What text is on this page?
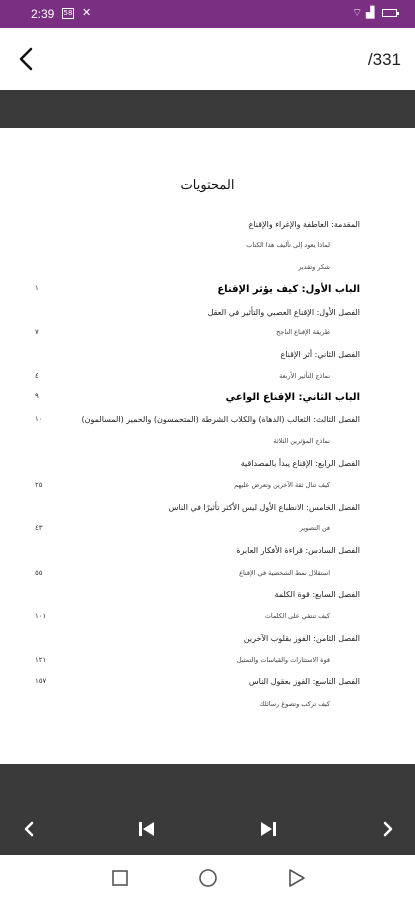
2:39 58 ✕	⌔ ▟
/331
المحتويات
المقدمة: العاطفة والإغراء والإقناع
لماذا يعود إلى تأليف هذا الكتاب
شكر وتقدير
الباب الأول: كيف يؤثر الإقناع
١
الفصل الأول: الإقناع العصبي والتأثير في العقل
طريقة الإقناع الناجح
٧
الفصل الثاني: أثر الإقناع
نماذج التأثير الأربعة
٤
الباب الثاني: الإقناع الواعي
٩
الفصل الثالث: الثعالب (الدهاة) والكلاب الشرطة (المتحمسون) والحمير (المسالمون)
١٠
نماذج المؤثرين الثلاثة
الفصل الرابع: الإقناع يبدأ بالمصداقية
كيف تنال ثقة الآخرين وتعرض عليهم
٢٥
الفصل الخامس: الانطباع الأول ليس الأكثر تأثيرًا في الناس
فن التصوير
٤٣
الفصل السادس: قراءة الأفكار العابرة
استقلال نمط الشخصية في الإقناع
٥٥
الفصل السابع: قوة الكلمة
كيف تنتقي على الكلمات
١٠١
الفصل الثامن: الفوز بقلوب الآخرين
قوة الاستثارات والقياسات والتمثيل
١٢١
الفصل التاسع: الفوز بعقول الناس
١٥٧
كيف تركب وتصوغ رسائلك
